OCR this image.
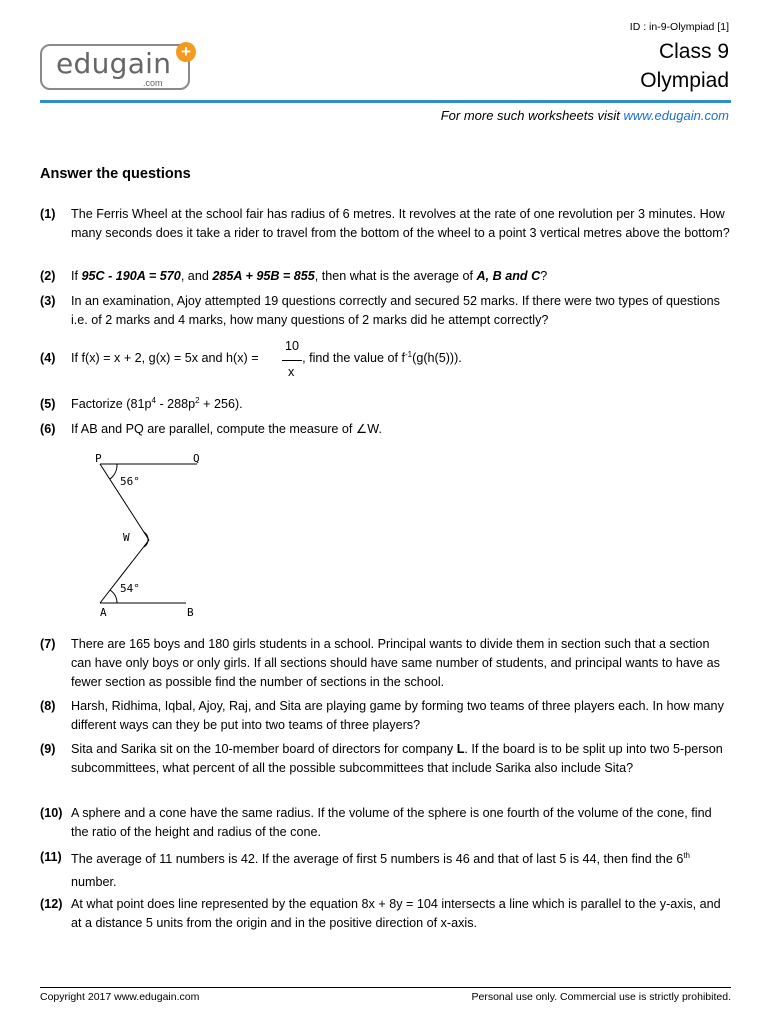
edugain
.com
+
ID : in-9-Olympiad [1]
Class 9
Olympiad
For more such worksheets visit www.edugain.com
Answer the questions
(1) The Ferris Wheel at the school fair has radius of 6 metres. It revolves at the rate of one revolution per 3 minutes. How many seconds does it take a rider to travel from the bottom of the wheel to a point 3 vertical metres above the bottom?
(2) If 95C - 190A = 570, and 285A + 95B = 855, then what is the average of A, B and C?
(3) In an examination, Ajoy attempted 19 questions correctly and secured 52 marks. If there were two types of questions i.e. of 2 marks and 4 marks, how many questions of 2 marks did he attempt correctly?
(4) If f(x) = x + 2, g(x) = 5x and h(x) =	, find the value of $f^{-1}(g(h(5)))$.
10
x
(5) Factorize $(81p^4 - 288p^2 + 256)$.
(6) If AB and PQ are parallel, compute the measure of ∠W.
P	Q
56°
W
54°
A	B
(7) There are 165 boys and 180 girls students in a school. Principal wants to divide them in section such that a section can have only boys or only girls. If all sections should have same number of students, and principal wants to have as fewer section as possible find the number of sections in the school.
(8) Harsh, Ridhima, Iqbal, Ajoy, Raj, and Sita are playing game by forming two teams of three players each. In how many different ways can they be put into two teams of three players?
(9) Sita and Sarika sit on the 10-member board of directors for company L. If the board is to be split up into two 5-person subcommittees, what percent of all the possible subcommittees that include Sarika also include Sita?
(10) A sphere and a cone have the same radius. If the volume of the sphere is one fourth of the volume of the cone, find the ratio of the height and radius of the cone.
(11) The average of 11 numbers is 42. If the average of first 5 numbers is 46 and that of last 5 is 44, then find the 6th number.
(12) At what point does line represented by the equation 8x + 8y = 104 intersects a line which is parallel to the y-axis, and at a distance 5 units from the origin and in the positive direction of x-axis.
Copyright 2017 www.edugain.com	Personal use only. Commercial use is strictly prohibited.
